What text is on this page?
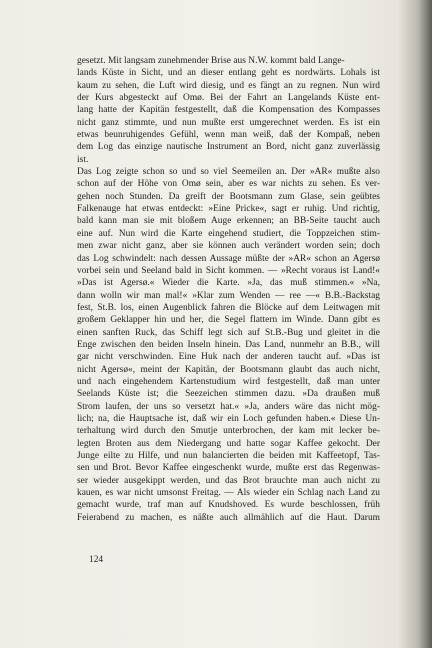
gesetzt. Mit langsam zunehmender Brise aus N.W. kommt bald Lange-
lands Küste in Sicht, und an dieser entlang geht es nordwärts. Lohals ist
kaum zu sehen, die Luft wird diesig, und es fängt an zu regnen. Nun wird
der Kurs abgesteckt auf Omø. Bei der Fahrt an Langelands Küste ent-
lang hatte der Kapitän festgestellt, daß die Kompensation des Kompasses
nicht ganz stimmte, und nun mußte erst umgerechnet werden. Es ist ein
etwas beunruhigendes Gefühl, wenn man weiß, daß der Kompaß, neben
dem Log das einzige nautische Instrument an Bord, nicht ganz zuverlässig
ist.
Das Log zeigte schon so und so viel Seemeilen an. Der »AR« mußte also
schon auf der Höhe von Omø sein, aber es war nichts zu sehen. Es ver-
gehen noch Stunden. Da greift der Bootsmann zum Glase, sein geübtes
Falkenauge hat etwas entdeckt: »Eine Pricke«, sagt er ruhig. Und richtig,
bald kann man sie mit bloßem Auge erkennen; an BB-Seite taucht auch
eine auf. Nun wird die Karte eingehend studiert, die Toppzeichen stim-
men zwar nicht ganz, aber sie können auch verändert worden sein; doch
das Log schwindelt: nach dessen Aussage müßte der »AR« schon an Agersø
vorbei sein und Seeland bald in Sicht kommen. — »Recht voraus ist Land!«
»Das ist Agersø.« Wieder die Karte. »Ja, das muß stimmen.« »Na,
dann wolln wir man mal!« »Klar zum Wenden — ree —« B.B.-Backstag
fest, St.B. los, einen Augenblick fahren die Blöcke auf dem Leitwagen mit
großem Geklapper hin und her, die Segel flattern im Winde. Dann gibt es
einen sanften Ruck, das Schiff legt sich auf St.B.-Bug und gleitet in die
Enge zwischen den beiden Inseln hinein. Das Land, nunmehr an B.B., will
gar nicht verschwinden. Eine Huk nach der anderen taucht auf. »Das ist
nicht Agersø«, meint der Kapitän, der Bootsmann glaubt das auch nicht,
und nach eingehendem Kartenstudium wird festgestellt, daß man unter
Seelands Küste ist; die Seezeichen stimmen dazu. »Da draußen muß
Strom laufen, der uns so versetzt hat.« »Ja, anders wäre das nicht mög-
lich; na, die Hauptsache ist, daß wir ein Loch gefunden haben.« Diese Un-
terhaltung wird durch den Smutje unterbrochen, der kam mit lecker be-
legten Broten aus dem Niedergang und hatte sogar Kaffee gekocht. Der
Junge eilte zu Hilfe, und nun balancierten die beiden mit Kaffeetopf, Tas-
sen und Brot. Bevor Kaffee eingeschenkt wurde, mußte erst das Regenwas-
ser wieder ausgekippt werden, und das Brot brauchte man auch nicht zu
kauen, es war nicht umsonst Freitag. — Als wieder ein Schlag nach Land zu
gemacht wurde, traf man auf Knudshoved. Es wurde beschlossen, früh
Feierabend zu machen, es näßte auch allmählich auf die Haut. Darum
124
